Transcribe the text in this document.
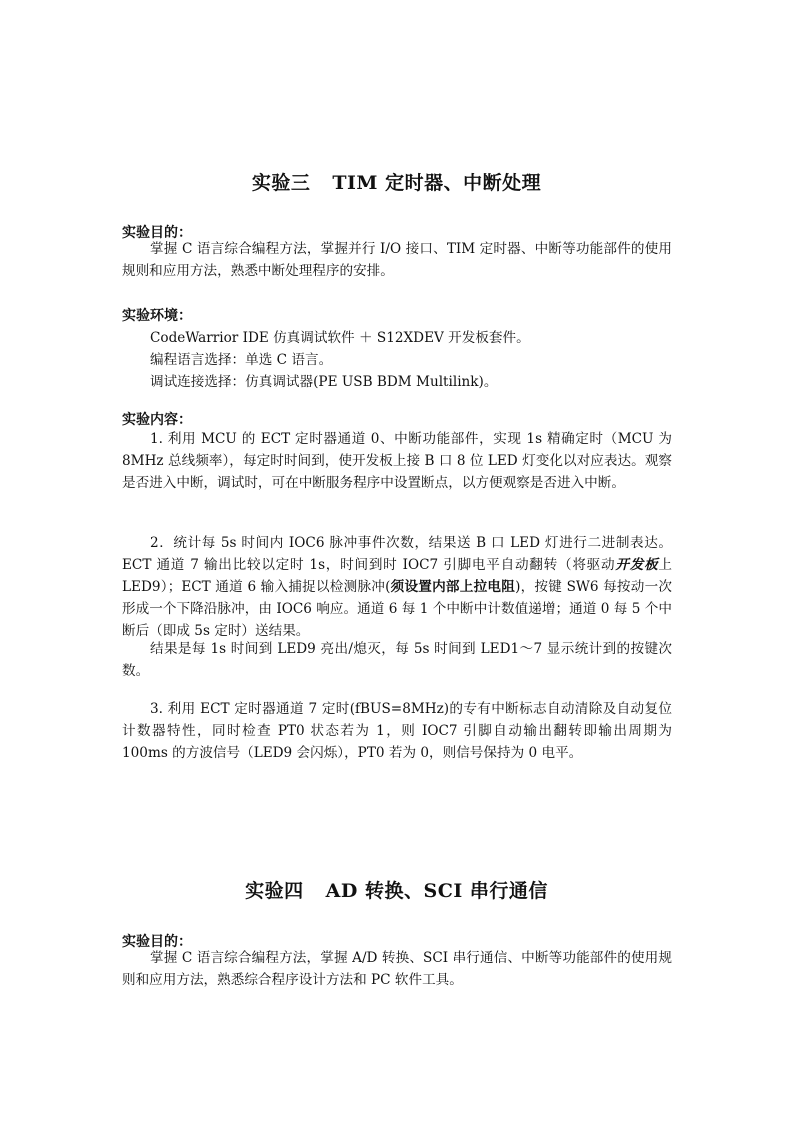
实验三 TIM 定时器、中断处理
实验目的：
掌握 C 语言综合编程方法，掌握并行 I/O 接口、TIM 定时器、中断等功能部件的使用规则和应用方法，熟悉中断处理程序的安排。
实验环境：
CodeWarrior IDE 仿真调试软件 ＋ S12XDEV 开发板套件。
编程语言选择：单选 C 语言。
调试连接选择：仿真调试器(PE USB BDM Multilink)。
实验内容：
1. 利用 MCU 的 ECT 定时器通道 0、中断功能部件，实现 1s 精确定时（MCU 为 8MHz 总线频率），每定时时间到，使开发板上接 B 口 8 位 LED 灯变化以对应表达。观察是否进入中断，调试时，可在中断服务程序中设置断点，以方便观察是否进入中断。
2．统计每 5s 时间内 IOC6 脉冲事件次数，结果送 B 口 LED 灯进行二进制表达。ECT 通道 7 输出比较以定时 1s，时间到时 IOC7 引脚电平自动翻转（将驱动开发板上 LED9）；ECT 通道 6 输入捕捉以检测脉冲(须设置内部上拉电阻)，按键 SW6 每按动一次形成一个下降沿脉冲，由 IOC6 响应。通道 6 每 1 个中断中计数值递增；通道 0 每 5 个中断后（即成 5s 定时）送结果。
结果是每 1s 时间到 LED9 亮出/熄灭，每 5s 时间到 LED1～7 显示统计到的按键次数。
3. 利用 ECT 定时器通道 7 定时(fBUS=8MHz)的专有中断标志自动清除及自动复位计数器特性，同时检查 PT0 状态若为 1，则 IOC7 引脚自动输出翻转即输出周期为 100ms 的方波信号（LED9 会闪烁），PT0 若为 0，则信号保持为 0 电平。
实验四 AD 转换、SCI 串行通信
实验目的：
掌握 C 语言综合编程方法，掌握 A/D 转换、SCI 串行通信、中断等功能部件的使用规则和应用方法，熟悉综合程序设计方法和 PC 软件工具。
